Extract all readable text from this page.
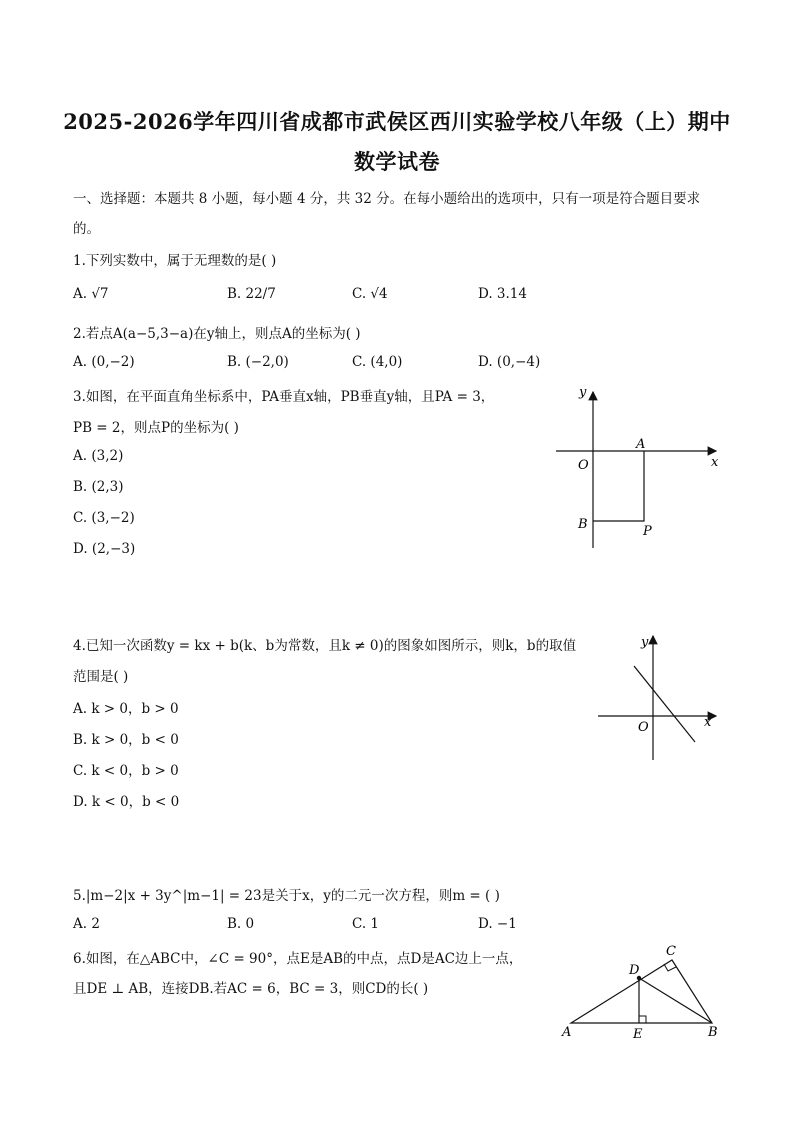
2025-2026学年四川省成都市武侯区西川实验学校八年级（上）期中
数学试卷
一、选择题：本题共 8 小题，每小题 4 分，共 32 分。在每小题给出的选项中，只有一项是符合题目要求
的。
1.下列实数中，属于无理数的是( )
A. √7	B. 22/7	C. √4	D. 3.14
2.若点A(a−5,3−a)在y轴上，则点A的坐标为( )
A. (0,−2)	B. (−2,0)	C. (4,0)	D. (0,−4)
3.如图，在平面直角坐标系中，PA垂直x轴，PB垂直y轴，且PA = 3，
PB = 2，则点P的坐标为( )
A. (3,2)
B. (2,3)
C. (3,−2)
D. (2,−3)
y
x
O
A
B	P
4.已知一次函数y = kx + b(k、b为常数，且k ≠ 0)的图象如图所示，则k，b的取值
范围是( )
A. k > 0，b > 0
B. k > 0，b < 0
C. k < 0，b > 0
D. k < 0，b < 0
y
x
O
5.|m−2|x + 3y^|m−1| = 23是关于x，y的二元一次方程，则m = ( )
A. 2	B. 0	C. 1	D. −1
6.如图，在△ABC中，∠C = 90°，点E是AB的中点，点D是AC边上一点，
且DE ⊥ AB，连接DB.若AC = 6，BC = 3，则CD的长( )
A	B
C
D
E
